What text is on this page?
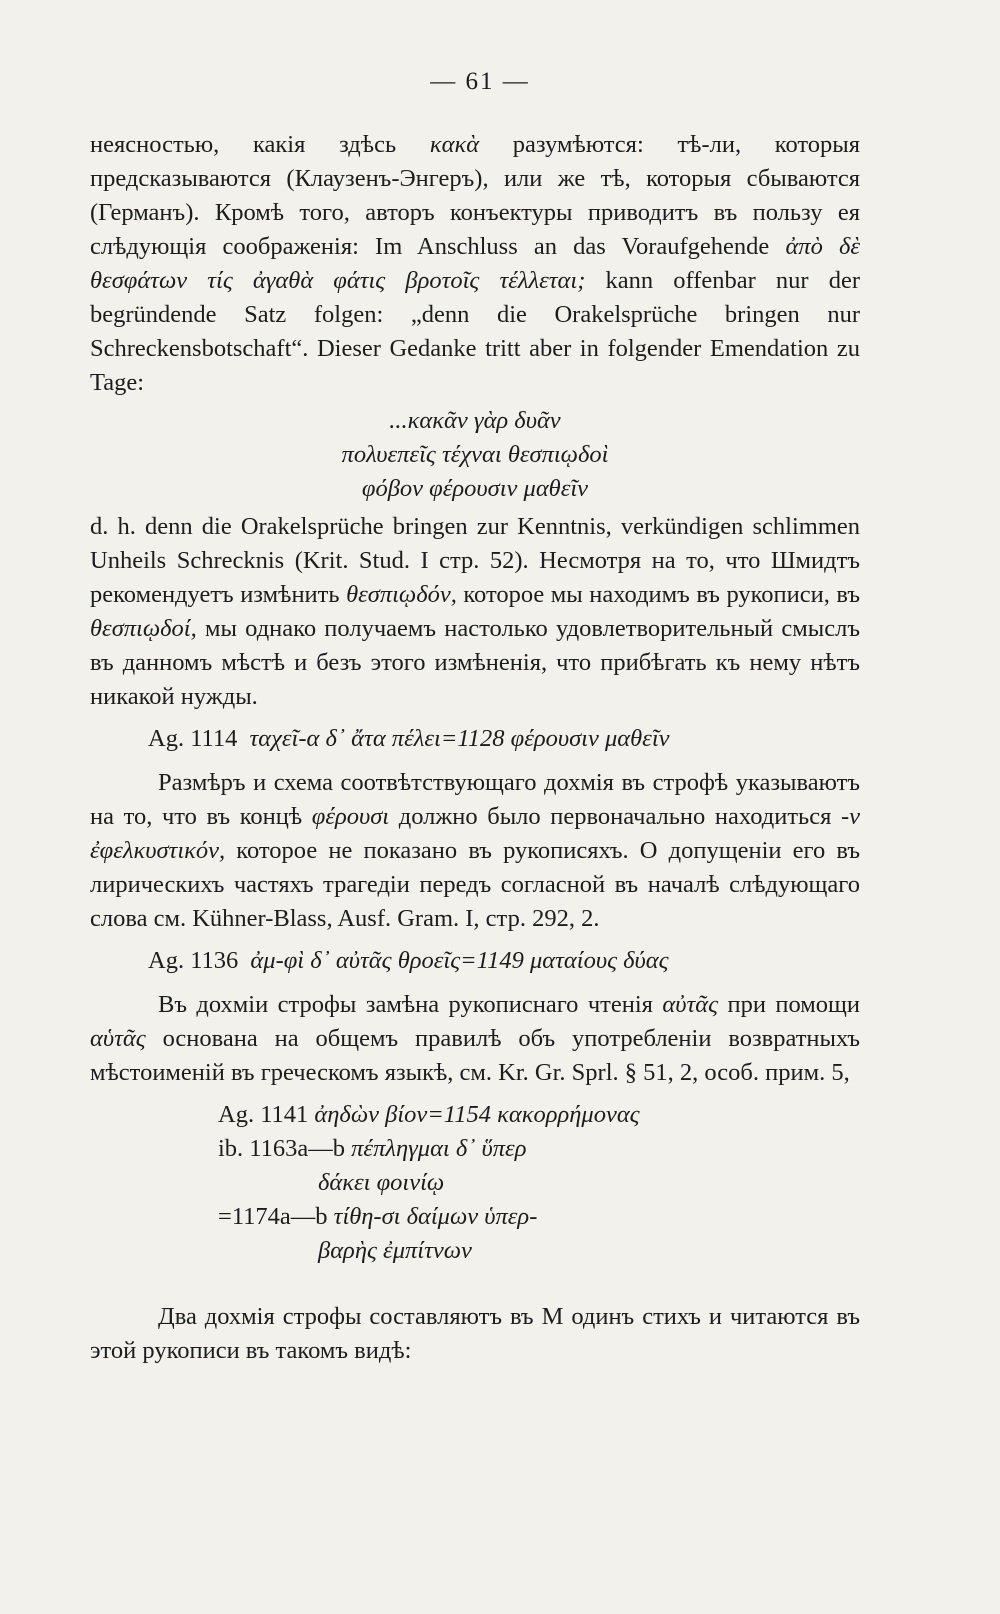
— 61 —

неясностью, какія здѣсь κακὰ разумѣются: тѣ-ли, которыя предсказываются (Клаузенъ-Энгеръ), или же тѣ, которыя сбываются (Германъ). Кромѣ того, авторъ конъектуры приводитъ въ пользу ея слѣдующія соображенія: Im Anschluss an das Voraufgehende ἀπὸ δὲ θεσφάτων τίς ἀγαθὰ φάτις βροτοῖς τέλλεται; kann offenbar nur der begründende Satz folgen: „denn die Orakelsprüche bringen nur Schreckensbotschaft“. Dieser Gedanke tritt aber in folgender Emendation zu Tage:

...κακᾶν γὰρ δυᾶν
πολυεπεῖς τέχναι θεσπιῳδοὶ
φόβον φέρουσιν μαθεῖν

d. h. denn die Orakelsprüche bringen zur Kenntnis, verkündigen schlimmen Unheils Schrecknis (Krit. Stud. I стр. 52). Несмотря на то, что Шмидтъ рекомендуетъ измѣнить θεσπιῳδόν, которое мы находимъ въ рукописи, въ θεσπιῳδοί, мы однако получаемъ настолько удовлетворительный смыслъ въ данномъ мѣстѣ и безъ этого измѣненія, что прибѣгать къ нему нѣтъ никакой нужды.

Ag. 1114 ταχεῖ-α δ᾽ ἄτα πέλει=1128 φέρουσιν μαθεῖν

Размѣръ и схема соотвѣтствующаго дохмія въ строфѣ указываютъ на то, что въ концѣ φέρουσι должно было первоначально находиться -ν ἐφελκυστικόν, которое не показано въ рукописяхъ. О допущеніи его въ лирическихъ частяхъ трагедіи передъ согласной въ началѣ слѣдующаго слова см. Kühner-Blass, Ausf. Gram. I, стр. 292, 2.

Ag. 1136 ἀμ-φὶ δ᾽ αὐτᾶς θροεῖς=1149 ματαίους δύας

Въ дохміи строфы замѣна рукописнаго чтенія αὐτᾶς при помощи αὑτᾶς основана на общемъ правилѣ объ употребленіи возвратныхъ мѣстоименій въ греческомъ языкѣ, см. Kr. Gr. Sprl. § 51, 2, особ. прим. 5,

Ag. 1141 ἀηδὼν βίον=1154 κακορρήμονας
ib. 1163a—b πέπληγμαι δ᾽ ὕπερ
δάκει φοινίῳ
=1174a—b τίθη-σι δαίμων ὑπερ-
βαρὴς ἐμπίτνων

Два дохмія строфы составляютъ въ M одинъ стихъ и читаются въ этой рукописи въ такомъ видѣ:
